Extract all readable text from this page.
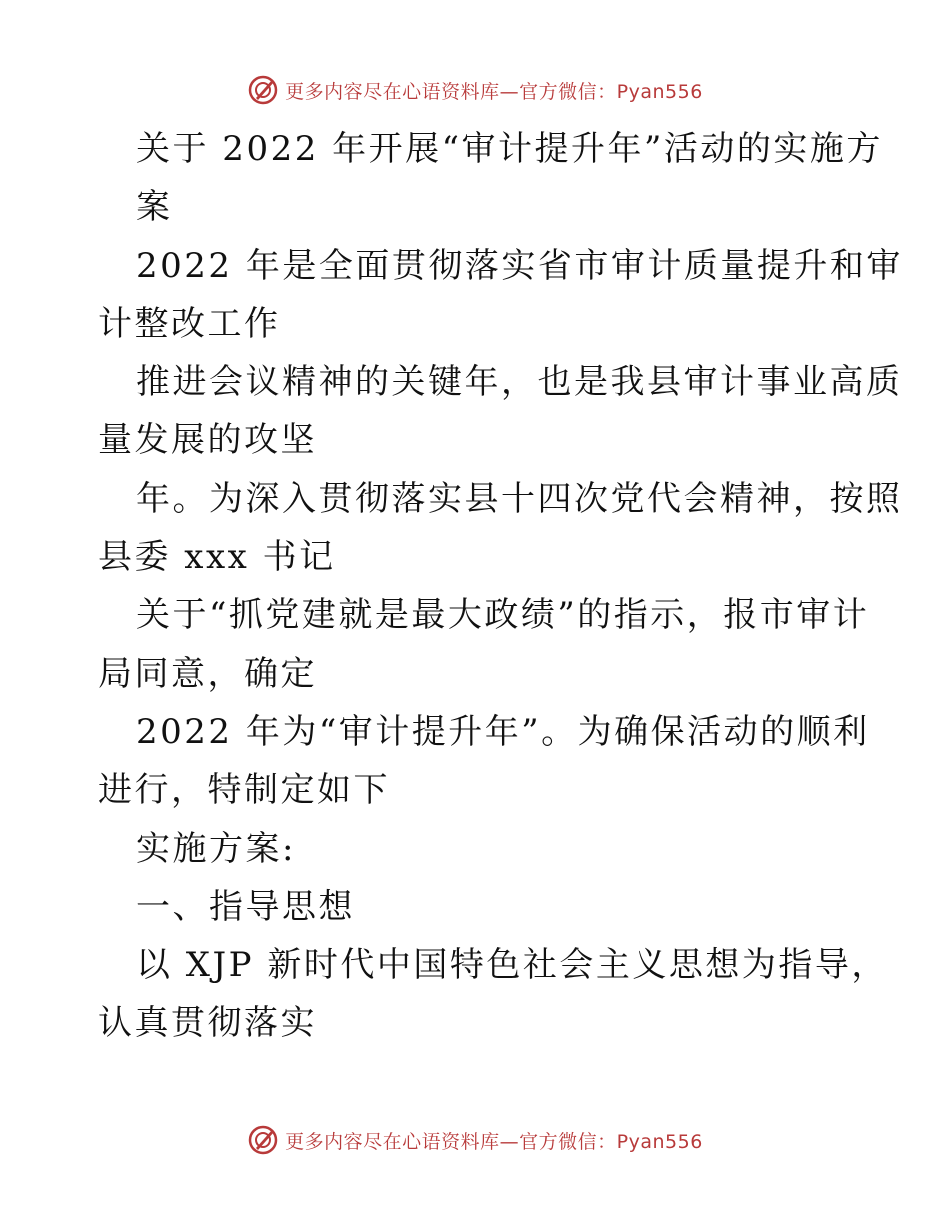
更多内容尽在心语资料库—官方微信：Pyan556
关于 2022 年开展“审计提升年”活动的实施方
案
2022 年是全面贯彻落实省市审计质量提升和审
计整改工作
推进会议精神的关键年，也是我县审计事业高质
量发展的攻坚
年。为深入贯彻落实县十四次党代会精神，按照
县委 xxx 书记
关于“抓党建就是最大政绩”的指示，报市审计
局同意，确定
2022 年为“审计提升年”。为确保活动的顺利
进行，特制定如下
实施方案:
一、指导思想
以 XJP 新时代中国特色社会主义思想为指导，
认真贯彻落实
更多内容尽在心语资料库—官方微信：Pyan556
